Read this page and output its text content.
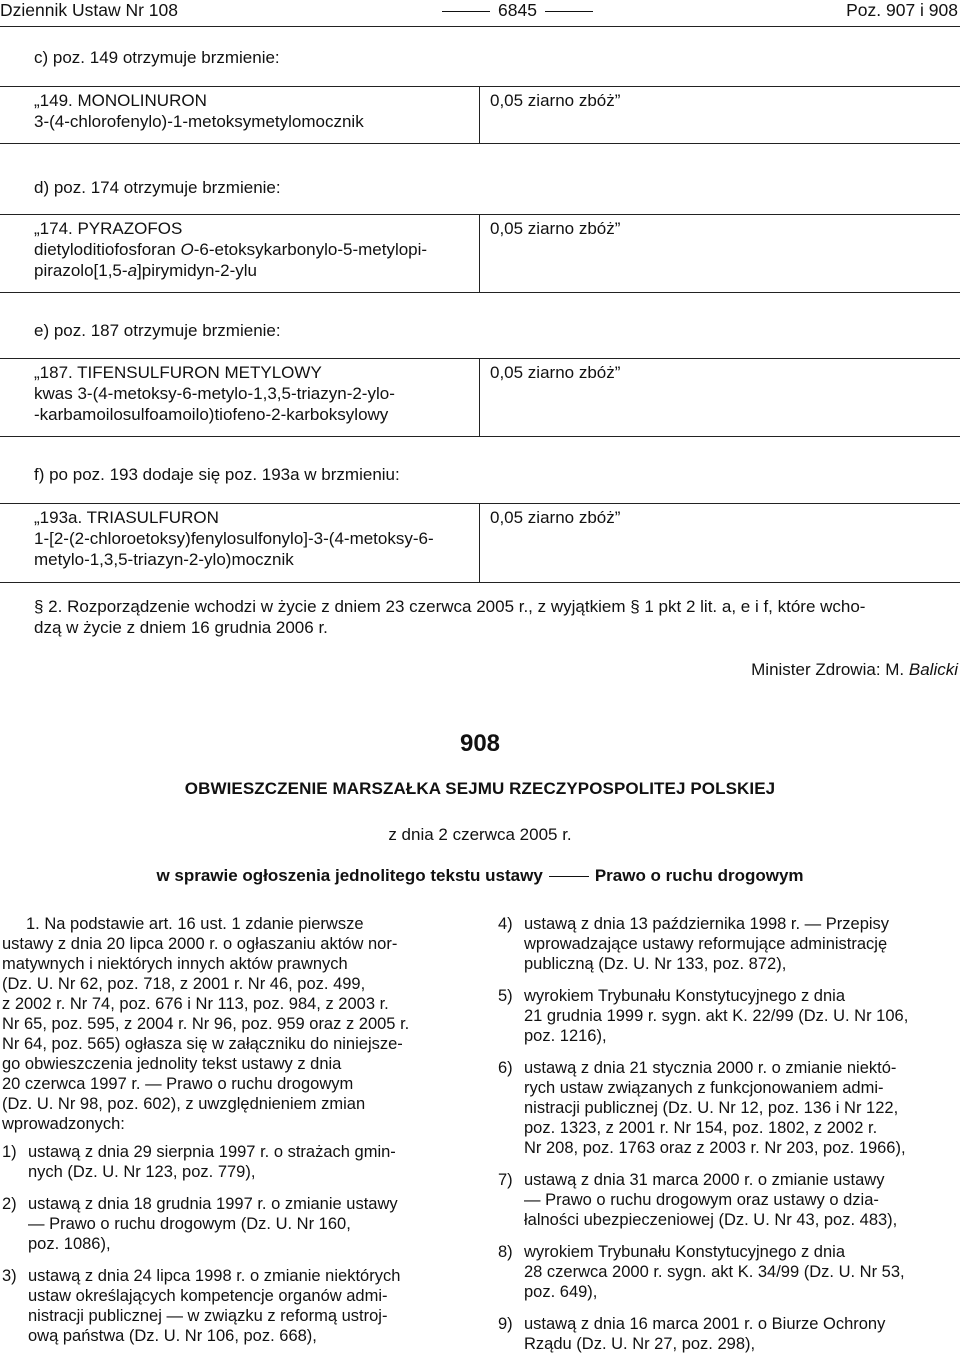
Dziennik Ustaw Nr 108	6845	Poz. 907 i 908
c) poz. 149 otrzymuje brzmienie:
„149. MONOLINURON
3-(4-chlorofenylo)-1-metoksymetylomocznik
0,05 ziarno zbóż”
d) poz. 174 otrzymuje brzmienie:
„174. PYRAZOFOS
dietyloditiofosforan O-6-etoksykarbonylo-5-metylopi-
pirazolo[1,5-a]pirymidyn-2-ylu
0,05 ziarno zbóż”
e) poz. 187 otrzymuje brzmienie:
„187. TIFENSULFURON METYLOWY
kwas 3-(4-metoksy-6-metylo-1,3,5-triazyn-2-ylo-
-karbamoilosulfoamoilo)tiofeno-2-karboksylowy
0,05 ziarno zbóż”
f) po poz. 193 dodaje się poz. 193a w brzmieniu:
„193a. TRIASULFURON
1-[2-(2-chloroetoksy)fenylosulfonylo]-3-(4-metoksy-6-
metylo-1,3,5-triazyn-2-ylo)mocznik
0,05 ziarno zbóż”
§ 2. Rozporządzenie wchodzi w życie z dniem 23 czerwca 2005 r., z wyjątkiem § 1 pkt 2 lit. a, e i f, które wcho-
dzą w życie z dniem 16 grudnia 2006 r.
Minister Zdrowia: M. Balicki
908
OBWIESZCZENIE MARSZAŁKA SEJMU RZECZYPOSPOLITEJ POLSKIEJ
z dnia 2 czerwca 2005 r.
w sprawie ogłoszenia jednolitego tekstu ustawy	Prawo o ruchu drogowym
1. Na podstawie art. 16 ust. 1 zdanie pierwsze
ustawy z dnia 20 lipca 2000 r. o ogłaszaniu aktów nor-
matywnych i niektórych innych aktów prawnych
(Dz. U. Nr 62, poz. 718, z 2001 r. Nr 46, poz. 499,
z 2002 r. Nr 74, poz. 676 i Nr 113, poz. 984, z 2003 r.
Nr 65, poz. 595, z 2004 r. Nr 96, poz. 959 oraz z 2005 r.
Nr 64, poz. 565) ogłasza się w załączniku do niniejsze-
go obwieszczenia jednolity tekst ustawy z dnia
20 czerwca 1997 r. — Prawo o ruchu drogowym
(Dz. U. Nr 98, poz. 602), z uwzględnieniem zmian
wprowadzonych:
1) ustawą z dnia 29 sierpnia 1997 r. o strażach gmin-
nych (Dz. U. Nr 123, poz. 779),
2) ustawą z dnia 18 grudnia 1997 r. o zmianie ustawy
— Prawo o ruchu drogowym (Dz. U. Nr 160,
poz. 1086),
3) ustawą z dnia 24 lipca 1998 r. o zmianie niektórych
ustaw określających kompetencje organów admi-
nistracji publicznej — w związku z reformą ustroj-
ową państwa (Dz. U. Nr 106, poz. 668),
4) ustawą z dnia 13 października 1998 r. — Przepisy
wprowadzające ustawy reformujące administrację
publiczną (Dz. U. Nr 133, poz. 872),
5) wyrokiem Trybunału Konstytucyjnego z dnia
21 grudnia 1999 r. sygn. akt K. 22/99 (Dz. U. Nr 106,
poz. 1216),
6) ustawą z dnia 21 stycznia 2000 r. o zmianie niektó-
rych ustaw związanych z funkcjonowaniem admi-
nistracji publicznej (Dz. U. Nr 12, poz. 136 i Nr 122,
poz. 1323, z 2001 r. Nr 154, poz. 1802, z 2002 r.
Nr 208, poz. 1763 oraz z 2003 r. Nr 203, poz. 1966),
7) ustawą z dnia 31 marca 2000 r. o zmianie ustawy
— Prawo o ruchu drogowym oraz ustawy o dzia-
łalności ubezpieczeniowej (Dz. U. Nr 43, poz. 483),
8) wyrokiem Trybunału Konstytucyjnego z dnia
28 czerwca 2000 r. sygn. akt K. 34/99 (Dz. U. Nr 53,
poz. 649),
9) ustawą z dnia 16 marca 2001 r. o Biurze Ochrony
Rządu (Dz. U. Nr 27, poz. 298),
